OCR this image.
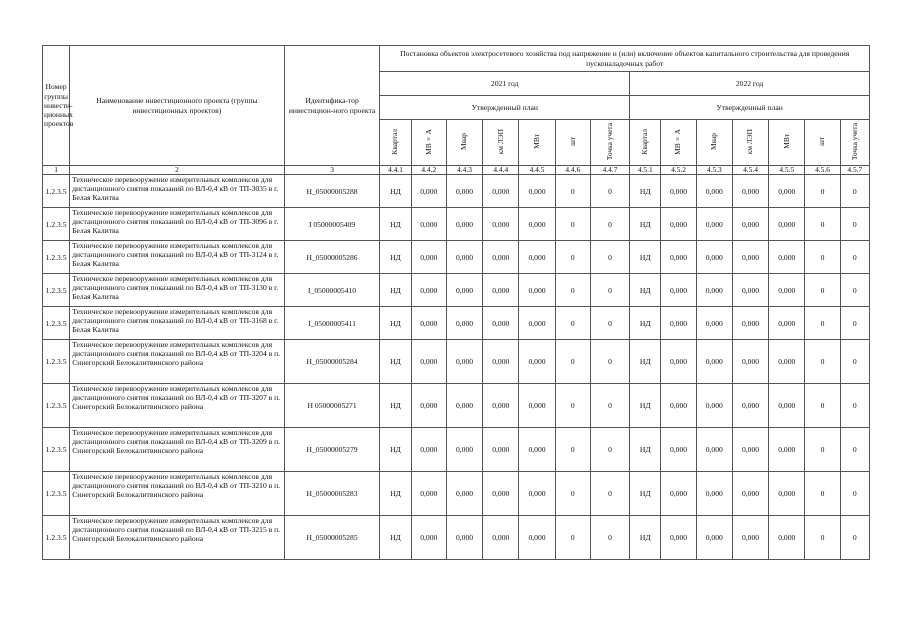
Номер группы инвести-ционных проектов	Наименование инвестиционного проекта (группы инвестиционных проектов)	Идентифика-тор инвестицион-ного проекта	Постановка объектов электросетевого хозяйства под напряжение и (или) включение объектов капитального строительства для проведения пусконаладочных работ													
			2021 год							2022 год						
			Утвержденный план							Утвержденный план						
			Квартал	МВ×А	Мвар	км ЛЭП	МВт	шт	Точка учета	Квартал	МВ×А	Мвар	км ЛЭП	МВт	шт	Точка учета
1	2	3	4.4.1	4.4.2	4.4.3	4.4.4	4.4.5	4.4.6	4.4.7	4.5.1	4.5.2	4.5.3	4.5.4	4.5.5	4.5.6	4.5.7
1.2.3.5	Техническое перевооружение измерительных комплексов для дистанционного снятия показаний по ВЛ-0,4 кВ от ТП-3035 в г. Белая Калитва	H_05000005288	НД	0,000	0,000	0,000	0,000	0	0	НД	0,000	0,000	0,000	0,000	0	0
1.2.3.5	Техническое перевооружение измерительных комплексов для дистанционного снятия показаний по ВЛ-0,4 кВ от ТП-3096 в г. Белая Калитва	I 05000005409	НД	0,000	0,000	0,000	0,000	0	0	НД	0,000	0,000	0,000	0,000	0	0
1.2.3.5	Техническое перевооружение измерительных комплексов для дистанционного снятия показаний по ВЛ-0,4 кВ от ТП-3124 в г. Белая Калитва	H_05000005286	НД	0,000	0,000	0,000	0,000	0	0	НД	0,000	0,000	0,000	0,000	0	0
1.2.3.5	Техническое перевооружение измерительных комплексов для дистанционного снятия показаний по ВЛ-0,4 кВ от ТП-3130 в г. Белая Калитва	I_05000005410	НД	0,000	0,000	0,000	0,000	0	0	НД	0,000	0,000	0,000	0,000	0	0
1.2.3.5	Техническое перевооружение измерительных комплексов для дистанционного снятия показаний по ВЛ-0,4 кВ от ТП-3168 в г. Белая Калитва	I_05000005411	НД	0,000	0,000	0,000	0,000	0	0	НД	0,000	0,000	0,000	0,000	0	0
1.2.3.5	Техническое перевооружение измерительных комплексов для дистанционного снятия показаний по ВЛ-0,4 кВ от ТП-3204 в п. Синегорский Белокалитвинского района	H_05000005284	НД	0,000	0,000	0,000	0,000	0	0	НД	0,000	0,000	0,000	0,000	0	0
1.2.3.5	Техническое перевооружение измерительных комплексов для дистанционного снятия показаний по ВЛ-0,4 кВ от ТП-3207 в п. Синегорский Белокалитвинского района	H 05000005271	НД	0,000	0,000	0,000	0,000	0	0	НД	0,000	0,000	0,000	0,000	0	0
1.2.3.5	Техническое перевооружение измерительных комплексов для дистанционного снятия показаний по ВЛ-0,4 кВ от ТП-3209 в п. Синегорский Белокалитвинского района	H_05000005279	НД	0,000	0,000	0,000	0,000	0	0	НД	0,000	0,000	0,000	0,000	0	0
1.2.3.5	Техническое перевооружение измерительных комплексов для дистанционного снятия показаний по ВЛ-0,4 кВ от ТП-3210 в п. Синегорский Белокалитвинского района	H_05000005283	НД	0,000	0,000	0,000	0,000	0	0	НД	0,000	0,000	0,000	0,000	0	0
1.2.3.5	Техническое перевооружение измерительных комплексов для дистанционного снятия показаний по ВЛ-0,4 кВ от ТП-3215 в п. Синегорский Белокалитвинского района	H_05000005285	НД	0,000	0,000	0,000	0,000	0	0	НД	0,000	0,000	0,000	0,000	0	0
